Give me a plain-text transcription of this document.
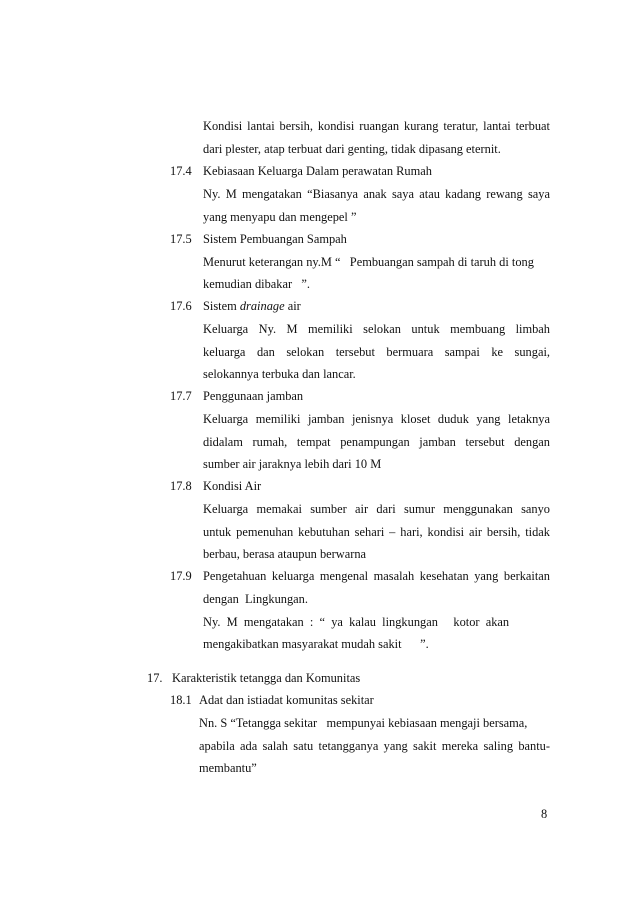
Kondisi lantai bersih, kondisi ruangan kurang teratur, lantai terbuat
dari plester, atap terbuat dari genting, tidak dipasang eternit.
17.4 Kebiasaan Keluarga Dalam perawatan Rumah
Ny. M mengatakan “Biasanya anak saya atau kadang rewang saya
yang menyapu dan mengepel ”
17.5 Sistem Pembuangan Sampah
Menurut keterangan ny.M “   Pembuangan sampah di taruh di tong
kemudian dibakar   ”.
17.6 Sistem drainage air
Keluarga Ny. M memiliki selokan untuk membuang limbah
keluarga dan selokan tersebut bermuara sampai ke sungai,
selokannya terbuka dan lancar.
17.7 Penggunaan jamban
Keluarga memiliki jamban jenisnya kloset duduk yang letaknya
didalam rumah, tempat penampungan jamban tersebut dengan
sumber air jaraknya lebih dari 10 M
17.8 Kondisi Air
Keluarga memakai sumber air dari sumur menggunakan sanyo
untuk pemenuhan kebutuhan sehari – hari, kondisi air bersih, tidak
berbau, berasa ataupun berwarna
17.9 Pengetahuan keluarga mengenal masalah kesehatan yang berkaitan
dengan  Lingkungan.
Ny.  M  mengatakan  :  “  ya  kalau  lingkungan     kotor  akan
mengakibatkan masyarakat mudah sakit      ”.
17. Karakteristik tetangga dan Komunitas
18.1 Adat dan istiadat komunitas sekitar
Nn. S “Tetangga sekitar   mempunyai kebiasaan mengaji bersama,
apabila ada salah satu tetangganya yang sakit mereka saling bantu-
membantu”
8
